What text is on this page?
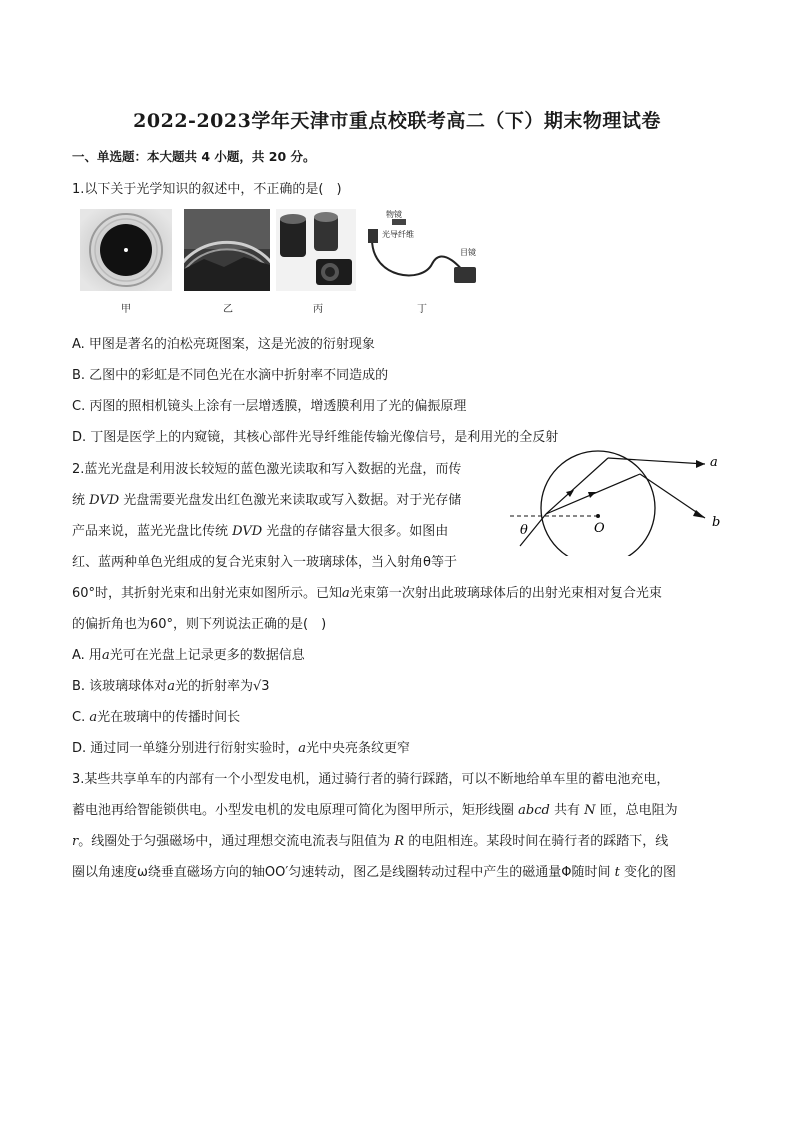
2022-2023学年天津市重点校联考高二（下）期末物理试卷
一、单选题：本大题共 4 小题，共 20 分。
1.以下关于光学知识的叙述中，不正确的是(　)
物镜
光导纤维
目镜
甲	乙	丙	丁
A. 甲图是著名的泊松亮斑图案，这是光波的衍射现象
B. 乙图中的彩虹是不同色光在水滴中折射率不同造成的
C. 丙图的照相机镜头上涂有一层增透膜，增透膜利用了光的偏振原理
D. 丁图是医学上的内窥镜，其核心部件光导纤维能传输光像信号，是利用光的全反射
2.蓝光光盘是利用波长较短的蓝色激光读取和写入数据的光盘，而传
统 DVD 光盘需要光盘发出红色激光来读取或写入数据。对于光存储
产品来说，蓝光光盘比传统 DVD 光盘的存储容量大很多。如图由
红、蓝两种单色光组成的复合光束射入一玻璃球体，当入射角θ等于
60°时，其折射光束和出射光束如图所示。已知a光束第一次射出此玻璃球体后的出射光束相对复合光束
的偏折角也为60°，则下列说法正确的是(　)
a
b
O
θ
A. 用a光可在光盘上记录更多的数据信息
B. 该玻璃球体对a光的折射率为√3
C. a光在玻璃中的传播时间长
D. 通过同一单缝分别进行衍射实验时，a光中央亮条纹更窄
3.某些共享单车的内部有一个小型发电机，通过骑行者的骑行踩踏，可以不断地给单车里的蓄电池充电，
蓄电池再给智能锁供电。小型发电机的发电原理可简化为图甲所示，矩形线圈 abcd 共有 N 匝，总电阻为
r。线圈处于匀强磁场中，通过理想交流电流表与阻值为 R 的电阻相连。某段时间在骑行者的踩踏下，线
圈以角速度ω绕垂直磁场方向的轴OO′匀速转动，图乙是线圈转动过程中产生的磁通量Φ随时间 t 变化的图
